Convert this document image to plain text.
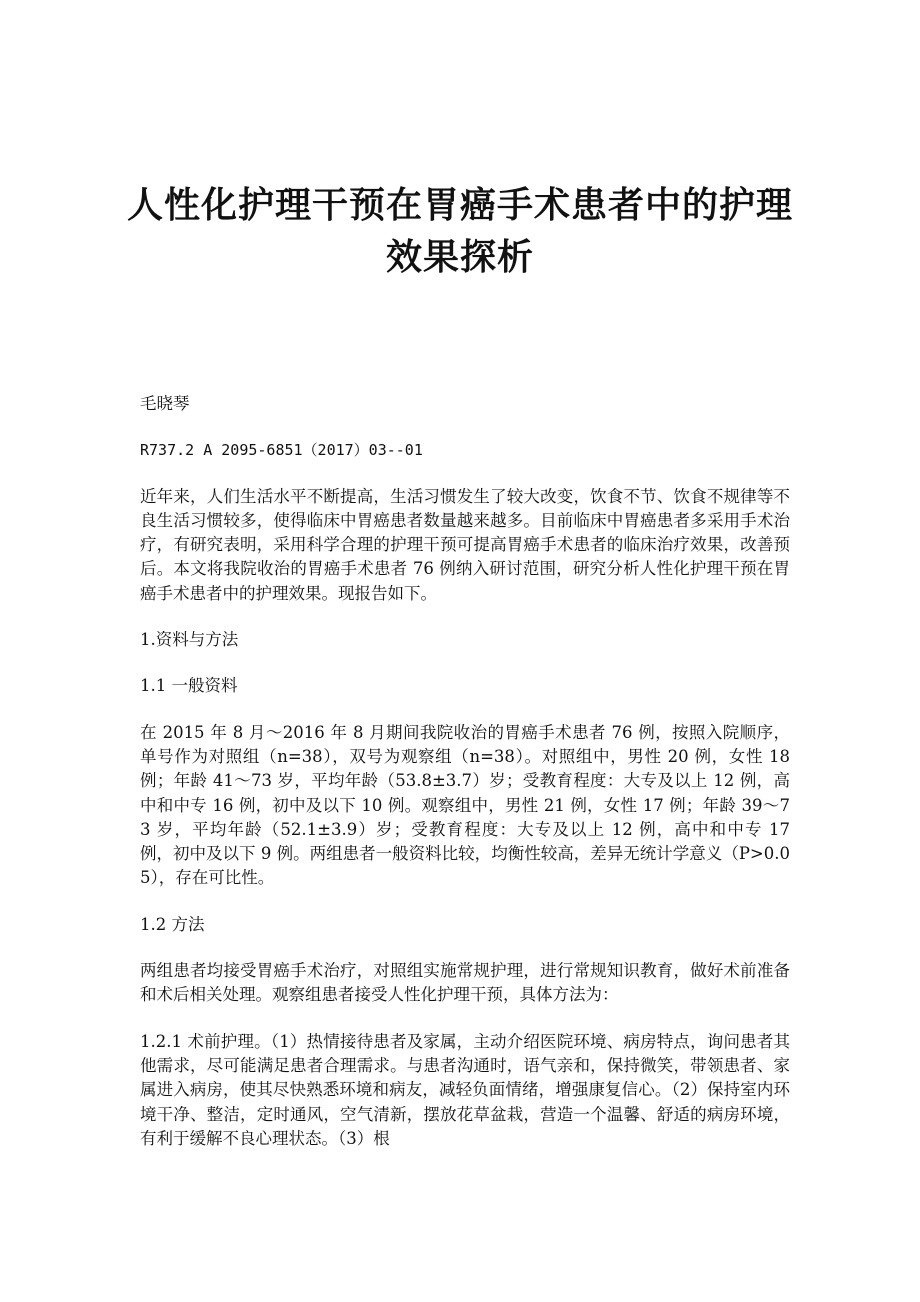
人性化护理干预在胃癌手术患者中的护理效果探析

毛晓琴

R737.2 A 2095-6851（2017）03--01

近年来，人们生活水平不断提高，生活习惯发生了较大改变，饮食不节、饮食不规律等不良生活习惯较多，使得临床中胃癌患者数量越来越多。目前临床中胃癌患者多采用手术治疗，有研究表明，采用科学合理的护理干预可提高胃癌手术患者的临床治疗效果，改善预后。本文将我院收治的胃癌手术患者 76 例纳入研讨范围，研究分析人性化护理干预在胃癌手术患者中的护理效果。现报告如下。

1.资料与方法

1.1 一般资料

在 2015 年 8 月～2016 年 8 月期间我院收治的胃癌手术患者 76 例，按照入院顺序，单号作为对照组（n=38），双号为观察组（n=38）。对照组中，男性 20 例，女性 18 例；年龄 41～73 岁，平均年龄（53.8±3.7）岁；受教育程度：大专及以上 12 例，高中和中专 16 例，初中及以下 10 例。观察组中，男性 21 例，女性 17 例；年龄 39～73 岁，平均年龄（52.1±3.9）岁；受教育程度：大专及以上 12 例，高中和中专 17 例，初中及以下 9 例。两组患者一般资料比较，均衡性较高，差异无统计学意义（P>0.05），存在可比性。

1.2 方法

两组患者均接受胃癌手术治疗，对照组实施常规护理，进行常规知识教育，做好术前准备和术后相关处理。观察组患者接受人性化护理干预，具体方法为：

1.2.1 术前护理。（1）热情接待患者及家属，主动介绍医院环境、病房特点，询问患者其他需求，尽可能满足患者合理需求。与患者沟通时，语气亲和，保持微笑，带领患者、家属进入病房，使其尽快熟悉环境和病友，减轻负面情绪，增强康复信心。（2）保持室内环境干净、整洁，定时通风，空气清新，摆放花草盆栽，营造一个温馨、舒适的病房环境，有利于缓解不良心理状态。（3）根
